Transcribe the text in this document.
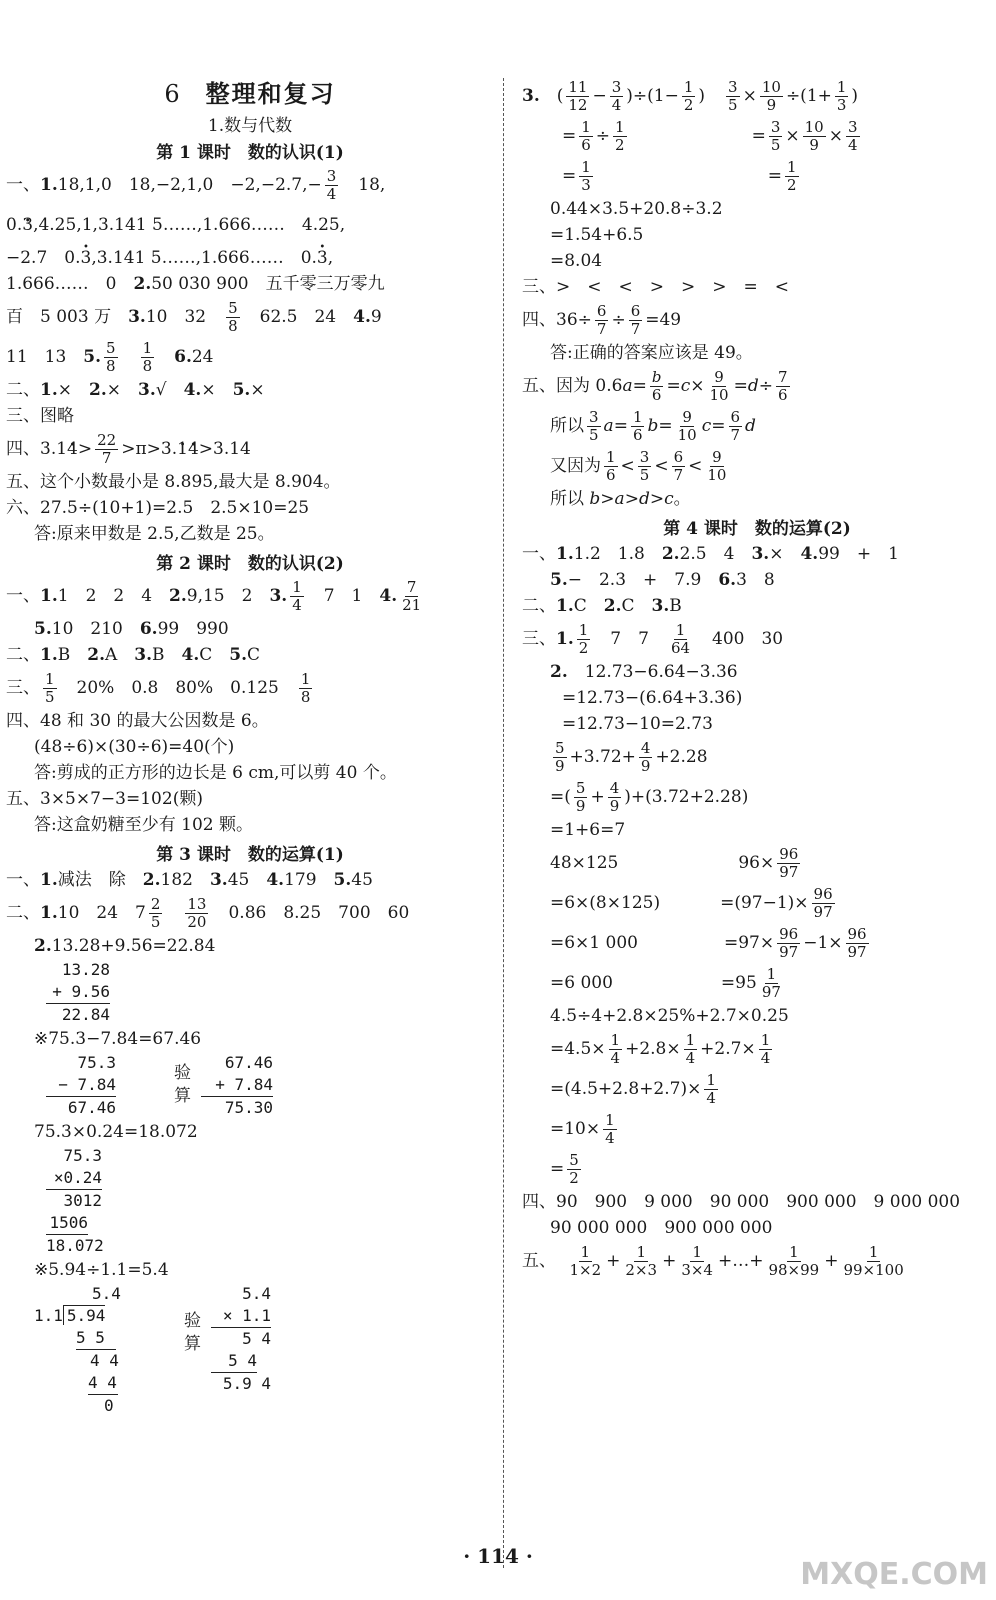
6 整理和复习
1.数与代数
第 1 课时　数的认识(1)
一、1.18,1,0　18,−2,1,0　$-2,-2.7,- \frac{3}{4}$ 　18,
0.• 3,4.25,1,3.141 5……,1.666……　4.25,
−2.7　0.• 3,3.141 5……,1.666……　0.• 3,
1.666……　0　2.50 030 900　五千零三万零九
百　5 003 万　3.10　32　 $\frac{5}{8}$ 　62.5　24　4.9
11　13　5. $\frac{5}{8}$
　 $\frac{1}{8}$
　 6.24
二、1.×　2.×　3.√　4.×　5.×
三、图略
四、3.1• $4> \frac{22}{7}$ >π>3.• 1• 4>3.14
五、这个小数最小是 8.895,最大是 8.904。
六、27.5÷(10+1)=2.5　2.5×10=25
答:原来甲数是 2.5,乙数是 25。
第 2 课时　数的认识(2)
一、1.1　2　2　4　2.9,15　2　3. $\frac{1}{4}$ 　7　1　4. $\frac{7}{21}$
5.10　210　6.99　990
二、1.B　2.A　3.B　4.C　5.C
三、 $\frac{1}{5}$ 　20%　0.8　80%　0.125　 $\frac{1}{8}$
四、48 和 30 的最大公因数是 6。
(48÷6)×(30÷6)=40(个)
答:剪成的正方形的边长是 6 cm,可以剪 40 个。
五、3×5×7−3=102(颗)
答:这盒奶糖至少有 102 颗。
第 3 课时　数的运算(1)
一、1.减法　除　2.182　3.45　4.179　5.45
二、1.10　24　$7 \frac{2}{5}$
　 $\frac{13}{20}$ 　0.86　8.25　700　60
2.13.28+9.56=22.84
13.28
+ 9.56
22.84
※75.3−7.84=67.46
75.3
− 7.84
67.46	验算	67.46
+ 7.84
75.30
75.3×0.24=18.072
75.3
×0.24
3012
1506
18.072
※5.94÷1.1=5.4
5.4
1.1 5.94
5 5
4 4
4 4
0
验算
5.4
× 1.1
5 4
5 4
5.9 4
3.　( $\frac{11}{12} - \frac{3}{4} )\div(1- \frac{1}{2}$ ) $\frac{3}{5} \times \frac{10}{9} \div(1+ \frac{1}{3}$ )
= $\frac{1}{6} \div \frac{1}{2}$	= $\frac{3}{5} \times \frac{10}{9} \times \frac{3}{4}$
= $\frac{1}{3}$	= $\frac{1}{2}$
0.44×3.5+20.8÷3.2
=1.54+6.5
=8.04
三、>　<　<　>　>　>　=　<
四、$36\div \frac{6}{7} \div \frac{6}{7} =49$
答:正确的答案应该是 49。
五、因为 $0.6a= \frac{b}{6} =c\times \frac{9}{10} =d\div \frac{7}{6}$
所以 $\frac{3}{5} a= \frac{1}{6} b= \frac{9}{10} c= \frac{6}{7}$ d
又因为 $\frac{1}{6} < \frac{3}{5} < \frac{6}{7} < \frac{9}{10}$
所以 b>a>d>c。
第 4 课时　数的运算(2)
一、1.1.2　1.8　2.2.5　4　3.×　4.99　+　1
5.−　2.3　+　7.9　6.3　8
二、1.C　2.C　3.B
三、1. $\frac{1}{2}$ 　7　7　 $\frac{1}{64}$ 　400　30
2.　12.73−6.64−3.36
=12.73−(6.64+3.36)
=12.73−10=2.73
$\frac{5}{9} +3.72+ \frac{4}{9} +2.28$
=( $\frac{5}{9} + \frac{4}{9} )+(3.72+2.28)$
=1+6=7
48×125	$96\times \frac{96}{97}$
=6×(8×125)	$=(97-1)\times \frac{96}{97}$
=6×1 000	$=97\times \frac{96}{97} -1\times \frac{96}{97}$
=6 000	$=95 \frac{1}{97}$
4.5÷4+2.8×25%+2.7×0.25
$=4.5\times \frac{1}{4} +2.8\times \frac{1}{4} +2.7\times \frac{1}{4}$
$=(4.5+2.8+2.7)\times \frac{1}{4}$
$=10\times \frac{1}{4}$
= $\frac{5}{2}$
四、90　900　9 000　90 000　900 000　9 000 000
90 000 000　900 000 000
五、　 $\frac{1}{1\times 2} + \frac{1}{2\times 3} + \frac{1}{3\times 4}$ +…+ $\frac{1}{98\times 99} + \frac{1}{99\times 100}$
· 114 ·
MXQE.COM
